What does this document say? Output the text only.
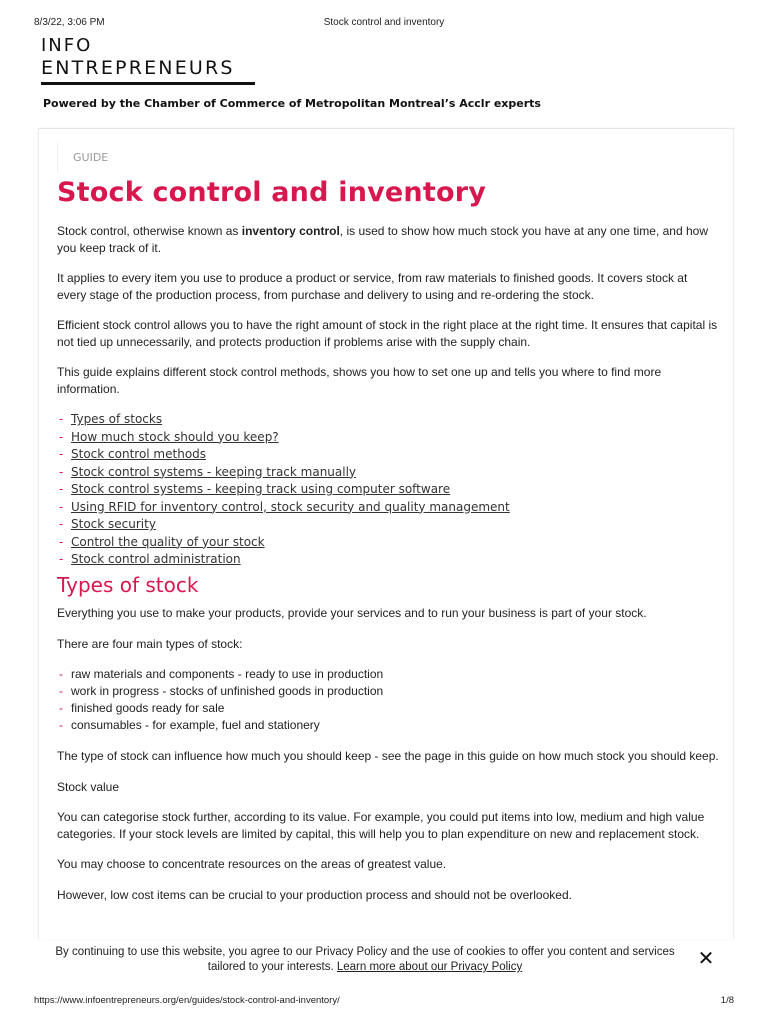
8/3/22, 3:06 PM	Stock control and inventory
INFO
ENTREPRENEURS
Powered by the Chamber of Commerce of Metropolitan Montreal’s Acclr experts
GUIDE
Stock control and inventory

Stock control, otherwise known as inventory control, is used to show how much stock you have at any one time, and how you keep track of it.

It applies to every item you use to produce a product or service, from raw materials to finished goods. It covers stock at every stage of the production process, from purchase and delivery to using and re-ordering the stock.

Efficient stock control allows you to have the right amount of stock in the right place at the right time. It ensures that capital is not tied up unnecessarily, and protects production if problems arise with the supply chain.

This guide explains different stock control methods, shows you how to set one up and tells you where to find more information.

- Types of stocks
- How much stock should you keep?
- Stock control methods
- Stock control systems - keeping track manually
- Stock control systems - keeping track using computer software
- Using RFID for inventory control, stock security and quality management
- Stock security
- Control the quality of your stock
- Stock control administration
Types of stock

Everything you use to make your products, provide your services and to run your business is part of your stock.

There are four main types of stock:

- raw materials and components - ready to use in production
- work in progress - stocks of unfinished goods in production
- finished goods ready for sale
- consumables - for example, fuel and stationery

The type of stock can influence how much you should keep - see the page in this guide on how much stock you should keep.

Stock value

You can categorise stock further, according to its value. For example, you could put items into low, medium and high value categories. If your stock levels are limited by capital, this will help you to plan expenditure on new and replacement stock.

You may choose to concentrate resources on the areas of greatest value.

However, low cost items can be crucial to your production process and should not be overlooked.

By continuing to use this website, you agree to our Privacy Policy and the use of cookies to offer you content and services tailored to your interests. Learn more about our Privacy Policy	✕
https://www.infoentrepreneurs.org/en/guides/stock-control-and-inventory/	1/8
